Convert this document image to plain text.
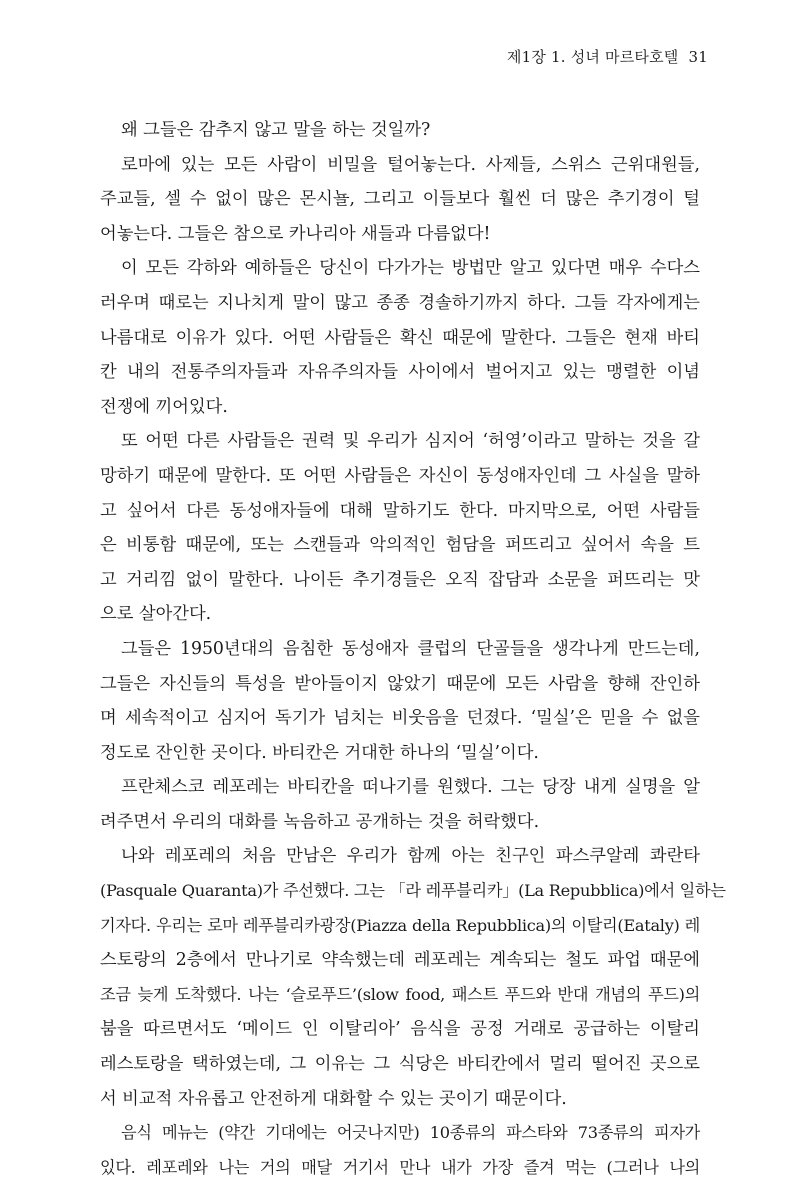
제1장 1. 성녀 마르타호텔 31
왜 그들은 감추지 않고 말을 하는 것일까?
로마에 있는 모든 사람이 비밀을 털어놓는다. 사제들, 스위스 근위대원들,
주교들, 셀 수 없이 많은 몬시뇰, 그리고 이들보다 훨씬 더 많은 추기경이 털
어놓는다. 그들은 참으로 카나리아 새들과 다름없다!
이 모든 각하와 예하들은 당신이 다가가는 방법만 알고 있다면 매우 수다스
러우며 때로는 지나치게 말이 많고 종종 경솔하기까지 하다. 그들 각자에게는
나름대로 이유가 있다. 어떤 사람들은 확신 때문에 말한다. 그들은 현재 바티
칸 내의 전통주의자들과 자유주의자들 사이에서 벌어지고 있는 맹렬한 이념
전쟁에 끼어있다.
또 어떤 다른 사람들은 권력 및 우리가 심지어 ‘허영’이라고 말하는 것을 갈
망하기 때문에 말한다. 또 어떤 사람들은 자신이 동성애자인데 그 사실을 말하
고 싶어서 다른 동성애자들에 대해 말하기도 한다. 마지막으로, 어떤 사람들
은 비통함 때문에, 또는 스캔들과 악의적인 험담을 퍼뜨리고 싶어서 속을 트
고 거리낌 없이 말한다. 나이든 추기경들은 오직 잡담과 소문을 퍼뜨리는 맛
으로 살아간다.
그들은 1950년대의 음침한 동성애자 클럽의 단골들을 생각나게 만드는데,
그들은 자신들의 특성을 받아들이지 않았기 때문에 모든 사람을 향해 잔인하
며 세속적이고 심지어 독기가 넘치는 비웃음을 던졌다. ‘밀실’은 믿을 수 없을
정도로 잔인한 곳이다. 바티칸은 거대한 하나의 ‘밀실’이다.
프란체스코 레포레는 바티칸을 떠나기를 원했다. 그는 당장 내게 실명을 알
려주면서 우리의 대화를 녹음하고 공개하는 것을 허락했다.
나와 레포레의 처음 만남은 우리가 함께 아는 친구인 파스쿠알레 콰란타
(Pasquale Quaranta)가 주선했다. 그는 「라 레푸블리카」(La Repubblica)에서 일하는
기자다. 우리는 로마 레푸블리카광장(Piazza della Repubblica)의 이탈리(Eataly) 레
스토랑의 2층에서 만나기로 약속했는데 레포레는 계속되는 철도 파업 때문에
조금 늦게 도착했다. 나는 ‘슬로푸드’(slow food, 패스트 푸드와 반대 개념의 푸드)의
붐을 따르면서도 ‘메이드 인 이탈리아’ 음식을 공정 거래로 공급하는 이탈리
레스토랑을 택하였는데, 그 이유는 그 식당은 바티칸에서 멀리 떨어진 곳으로
서 비교적 자유롭고 안전하게 대화할 수 있는 곳이기 때문이다.
음식 메뉴는 (약간 기대에는 어긋나지만) 10종류의 파스타와 73종류의 피자가
있다. 레포레와 나는 거의 매달 거기서 만나 내가 가장 즐겨 먹는 (그러나 나의
